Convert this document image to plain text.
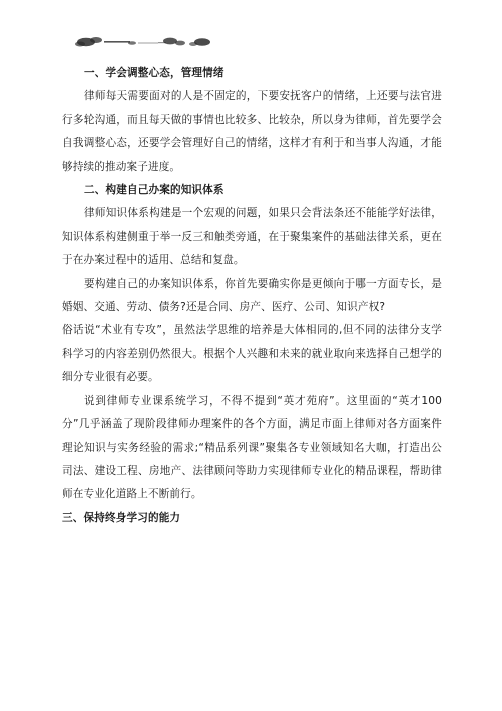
一、学会调整心态，管理情绪

律师每天需要面对的人是不固定的，下要安抚客户的情绪，上还要与法官进行多轮沟通，而且每天做的事情也比较多、比较杂，所以身为律师，首先要学会自我调整心态，还要学会管理好自己的情绪，这样才有利于和当事人沟通，才能够持续的推动案子进度。

二、构建自己办案的知识体系

律师知识体系构建是一个宏观的问题，如果只会背法条还不能能学好法律，知识体系构建侧重于举一反三和触类旁通，在于聚集案件的基础法律关系，更在于在办案过程中的适用、总结和复盘。

要构建自己的办案知识体系，你首先要确实你是更倾向于哪一方面专长，是婚姻、交通、劳动、债务?还是合同、房产、医疗、公司、知识产权?

俗话说“术业有专攻”，虽然法学思维的培养是大体相同的,但不同的法律分支学科学习的内容差别仍然很大。根据个人兴趣和未来的就业取向来选择自己想学的细分专业很有必要。

说到律师专业课系统学习，不得不提到“英才苑府”。这里面的“英才100分”几乎涵盖了现阶段律师办理案件的各个方面，满足市面上律师对各方面案件理论知识与实务经验的需求;“精品系列课”聚集各专业领域知名大咖，打造出公司法、建设工程、房地产、法律顾问等助力实现律师专业化的精品课程，帮助律师在专业化道路上不断前行。

三、保持终身学习的能力
